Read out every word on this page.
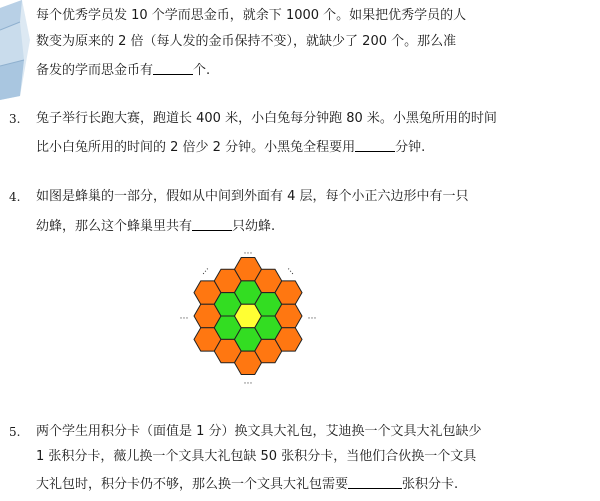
每个优秀学员发 10 个学而思金币，就余下 1000 个。如果把优秀学员的人
数变为原来的 2 倍（每人发的金币保持不变），就缺少了 200 个。那么准
备发的学而思金币有	个.
3. 兔子举行长跑大赛，跑道长 400 米，小白兔每分钟跑 80 米。小黑兔所用的时间
比小白兔所用的时间的 2 倍少 2 分钟。小黑兔全程要用	分钟.
4. 如图是蜂巢的一部分，假如从中间到外面有 4 层，每个小正六边形中有一只
幼蜂，那么这个蜂巢里共有	只幼蜂.
…
…
…	…
…	…
5. 两个学生用积分卡（面值是 1 分）换文具大礼包，艾迪换一个文具大礼包缺少
1 张积分卡，薇儿换一个文具大礼包缺 50 张积分卡，当他们合伙换一个文具
大礼包时，积分卡仍不够，那么换一个文具大礼包需要	张积分卡.
